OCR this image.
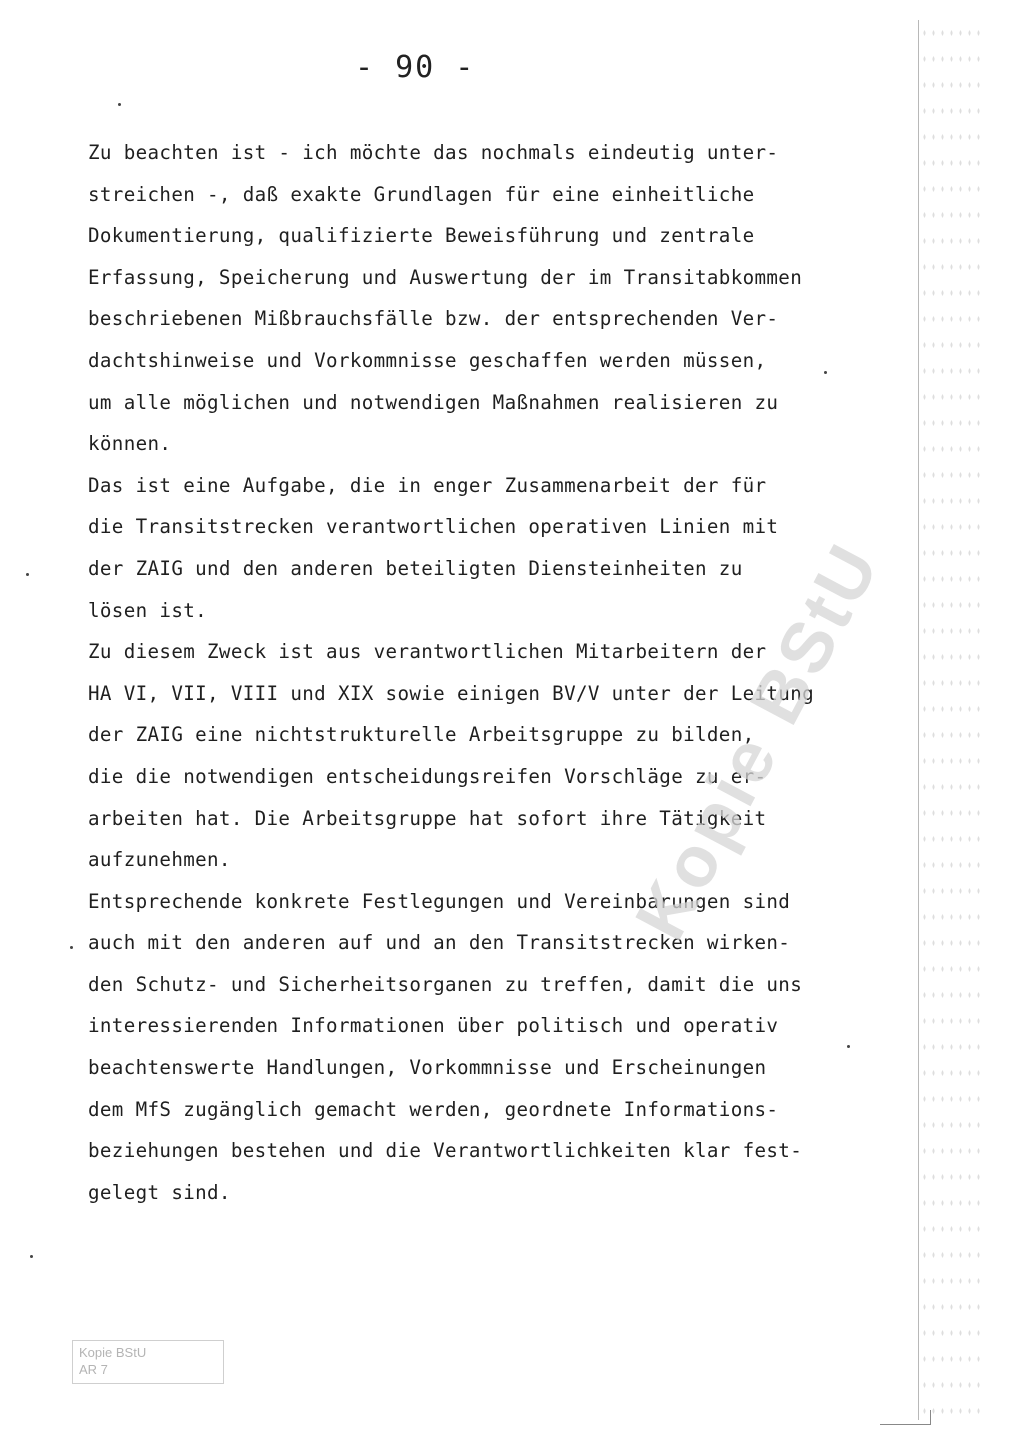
- 90 -
Zu beachten ist - ich möchte das nochmals eindeutig unter-
streichen -, daß exakte Grundlagen für eine einheitliche
Dokumentierung, qualifizierte Beweisführung und zentrale
Erfassung, Speicherung und Auswertung der im Transitabkommen
beschriebenen Mißbrauchsfälle bzw. der entsprechenden Ver-
dachtshinweise und Vorkommnisse geschaffen werden müssen,
um alle möglichen und notwendigen Maßnahmen realisieren zu
können.
Das ist eine Aufgabe, die in enger Zusammenarbeit der für
die Transitstrecken verantwortlichen operativen Linien mit
der ZAIG und den anderen beteiligten Diensteinheiten zu
lösen ist.
Zu diesem Zweck ist aus verantwortlichen Mitarbeitern der
HA VI, VII, VIII und XIX sowie einigen BV/V unter der Leitung
der ZAIG eine nichtstrukturelle Arbeitsgruppe zu bilden,
die die notwendigen entscheidungsreifen Vorschläge zu er-
arbeiten hat. Die Arbeitsgruppe hat sofort ihre Tätigkeit
aufzunehmen.
Entsprechende konkrete Festlegungen und Vereinbarungen sind
auch mit den anderen auf und an den Transitstrecken wirken-
den Schutz- und Sicherheitsorganen zu treffen, damit die uns
interessierenden Informationen über politisch und operativ
beachtenswerte Handlungen, Vorkommnisse und Erscheinungen
dem MfS zugänglich gemacht werden, geordnete Informations-
beziehungen bestehen und die Verantwortlichkeiten klar fest-
gelegt sind.
Kopie BStU
Kopie BStU
AR 7
